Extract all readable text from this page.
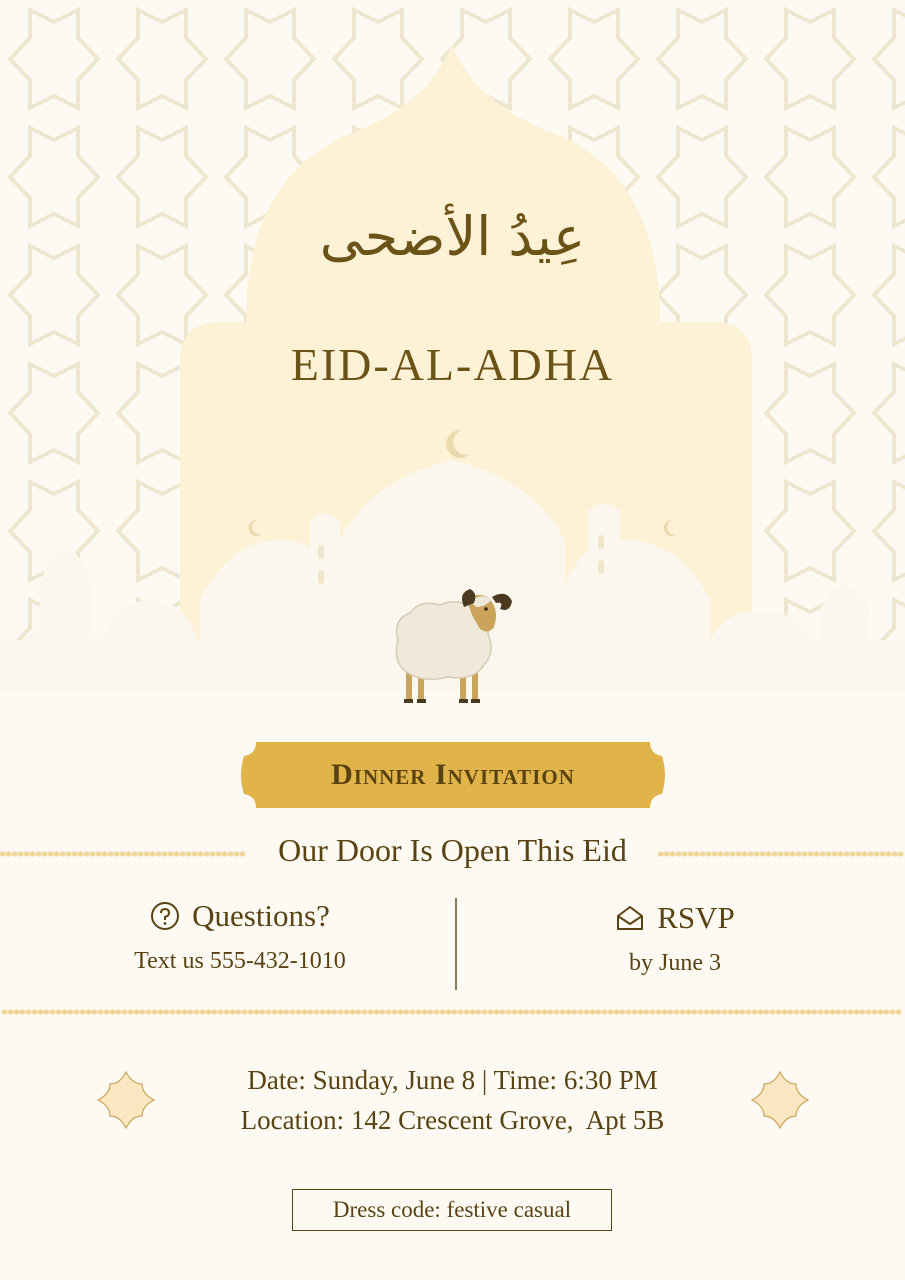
عِيدُ الأضحى
EID-AL-ADHA
Dinner Invitation
Our Door Is Open This Eid
Questions?
Text us 555-432-1010
RSVP
by June 3
Date: Sunday, June 8 | Time: 6:30 PM
Location: 142 Crescent Grove,  Apt 5B
Dress code: festive casual
